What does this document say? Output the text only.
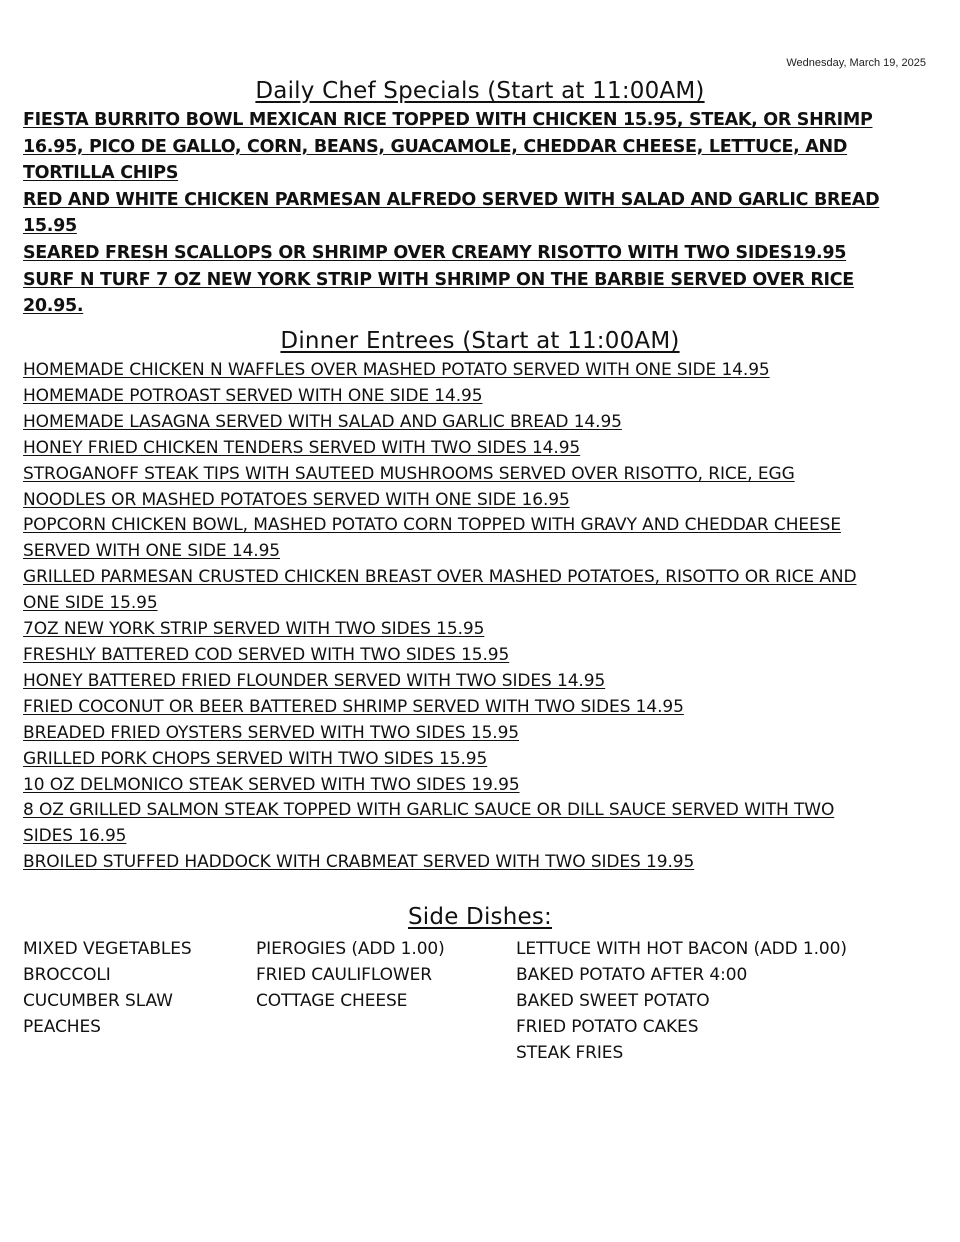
Wednesday, March 19, 2025
Daily Chef Specials (Start at 11:00AM)
FIESTA BURRITO BOWL MEXICAN RICE TOPPED WITH CHICKEN 15.95, STEAK, OR SHRIMP 16.95, PICO DE GALLO, CORN, BEANS, GUACAMOLE, CHEDDAR CHEESE, LETTUCE, AND TORTILLA CHIPS
RED AND WHITE CHICKEN PARMESAN ALFREDO SERVED WITH SALAD AND GARLIC BREAD 15.95
SEARED FRESH SCALLOPS OR SHRIMP OVER CREAMY RISOTTO WITH TWO SIDES19.95
SURF N TURF 7 OZ NEW YORK STRIP WITH SHRIMP ON THE BARBIE SERVED OVER RICE 20.95.
Dinner Entrees (Start at 11:00AM)
HOMEMADE CHICKEN N WAFFLES OVER MASHED POTATO SERVED WITH ONE SIDE 14.95
HOMEMADE POTROAST SERVED WITH ONE SIDE 14.95
HOMEMADE LASAGNA SERVED WITH SALAD AND GARLIC BREAD 14.95
HONEY FRIED CHICKEN TENDERS SERVED WITH TWO SIDES 14.95
STROGANOFF STEAK TIPS WITH SAUTEED MUSHROOMS SERVED OVER RISOTTO, RICE, EGG NOODLES OR MASHED POTATOES SERVED WITH ONE SIDE 16.95
POPCORN CHICKEN BOWL, MASHED POTATO CORN TOPPED WITH GRAVY AND CHEDDAR CHEESE SERVED WITH ONE SIDE 14.95
GRILLED PARMESAN CRUSTED CHICKEN BREAST OVER MASHED POTATOES, RISOTTO OR RICE AND ONE SIDE 15.95
7OZ NEW YORK STRIP SERVED WITH TWO SIDES 15.95
FRESHLY BATTERED COD SERVED WITH TWO SIDES 15.95
HONEY BATTERED FRIED FLOUNDER SERVED WITH TWO SIDES 14.95
FRIED COCONUT OR BEER BATTERED SHRIMP SERVED WITH TWO SIDES 14.95
BREADED FRIED OYSTERS SERVED WITH TWO SIDES 15.95
GRILLED PORK CHOPS SERVED WITH TWO SIDES 15.95
10 OZ DELMONICO STEAK SERVED WITH TWO SIDES 19.95
8 OZ GRILLED SALMON STEAK TOPPED WITH GARLIC SAUCE OR DILL SAUCE SERVED WITH TWO SIDES 16.95
BROILED STUFFED HADDOCK WITH CRABMEAT SERVED WITH TWO SIDES 19.95
Side Dishes:
MIXED VEGETABLES
BROCCOLI
CUCUMBER SLAW
PEACHES
PIEROGIES (ADD 1.00)
FRIED CAULIFLOWER
COTTAGE CHEESE
LETTUCE WITH HOT BACON (ADD 1.00)
BAKED POTATO AFTER 4:00
BAKED SWEET POTATO
FRIED POTATO CAKES
STEAK FRIES
